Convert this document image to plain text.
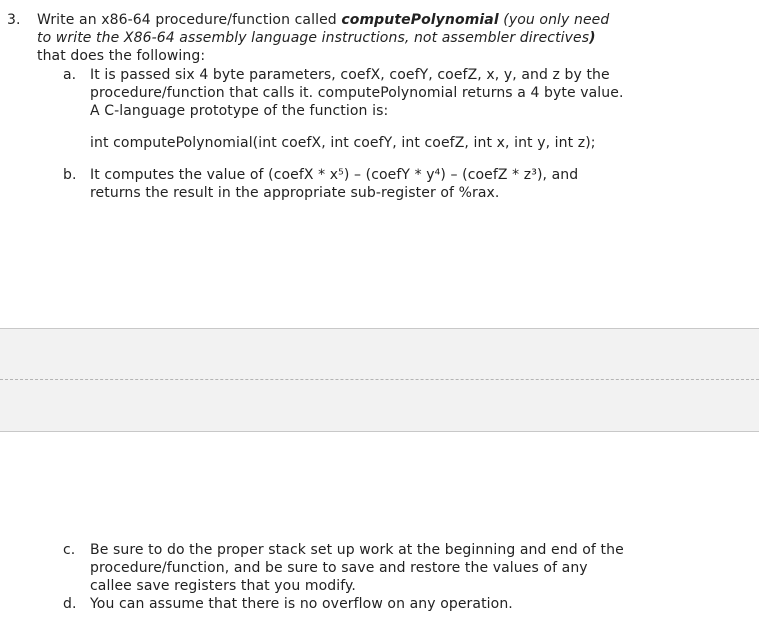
3. Write an x86-64 procedure/function called computePolynomial (you only need
to write the X86-64 assembly language instructions, not assembler directives)
that does the following:
a. It is passed six 4 byte parameters, coefX, coefY, coefZ, x, y, and z by the
procedure/function that calls it. computePolynomial returns a 4 byte value.
A C-language prototype of the function is:
int computePolynomial(int coefX, int coefY, int coefZ, int x, int y, int z);
b. It computes the value of (coefX * x⁵) – (coefY * y⁴) – (coefZ * z³), and
returns the result in the appropriate sub-register of %rax.
c. Be sure to do the proper stack set up work at the beginning and end of the
procedure/function, and be sure to save and restore the values of any
callee save registers that you modify.
d. You can assume that there is no overflow on any operation.
